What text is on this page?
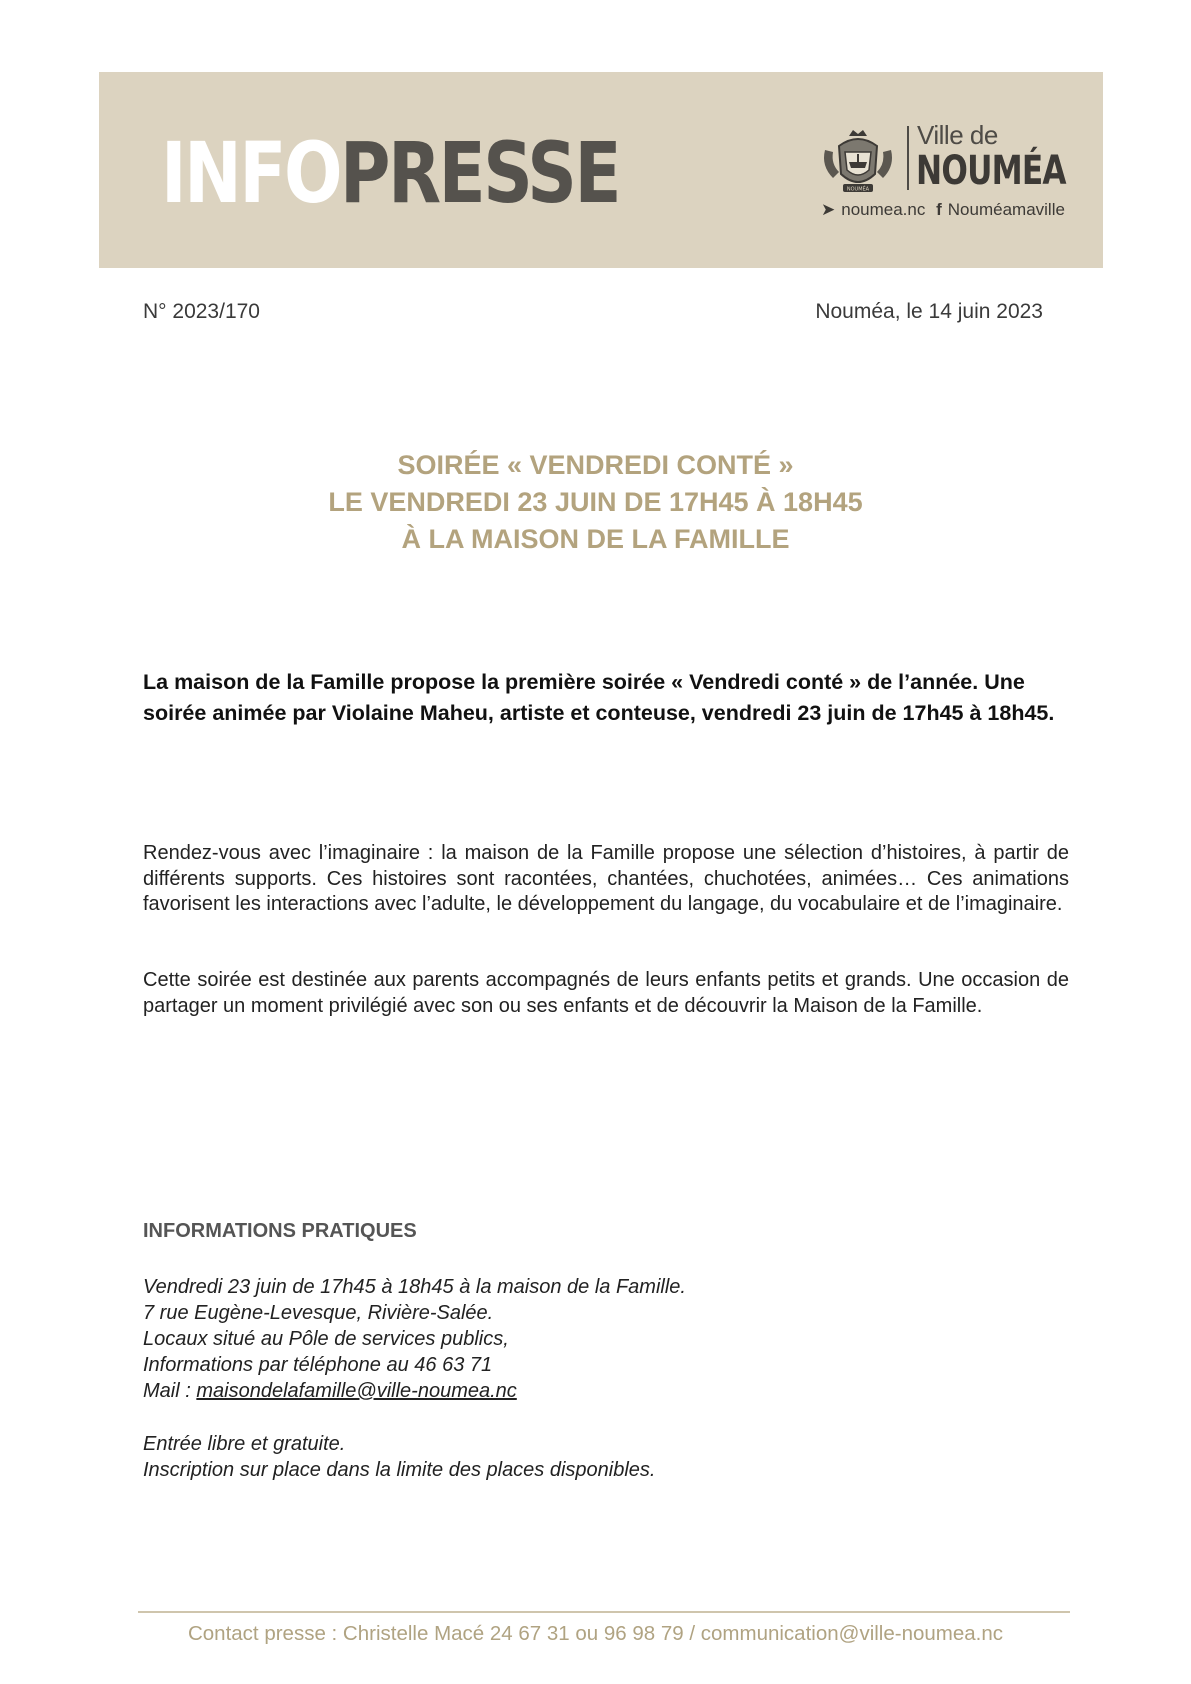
INFOPRESSE	NOUMÉA
Ville de
NOUMÉA
➤ noumea.nc f Nouméamaville
N° 2023/170	Nouméa, le 14 juin 2023
SOIRÉE « VENDREDI CONTÉ »
LE VENDREDI 23 JUIN DE 17H45 À 18H45
À LA MAISON DE LA FAMILLE
La maison de la Famille propose la première soirée « Vendredi conté » de l’année. Une soirée animée par Violaine Maheu, artiste et conteuse, vendredi 23 juin de 17h45 à 18h45.
Rendez-vous avec l’imaginaire : la maison de la Famille propose une sélection d’histoires, à partir de différents supports. Ces histoires sont racontées, chantées, chuchotées, animées… Ces animations favorisent les interactions avec l’adulte, le développement du langage, du vocabulaire et de l’imaginaire.
Cette soirée est destinée aux parents accompagnés de leurs enfants petits et grands. Une occasion de partager un moment privilégié avec son ou ses enfants et de découvrir la Maison de la Famille.
INFORMATIONS PRATIQUES
Vendredi 23 juin de 17h45 à 18h45 à la maison de la Famille.
7 rue Eugène-Levesque, Rivière-Salée.
Locaux situé au Pôle de services publics,
Informations par téléphone au 46 63 71
Mail : maisondelafamille@ville-noumea.nc
Entrée libre et gratuite.
Inscription sur place dans la limite des places disponibles.
Contact presse : Christelle Macé 24 67 31 ou 96 98 79 / communication@ville-noumea.nc
